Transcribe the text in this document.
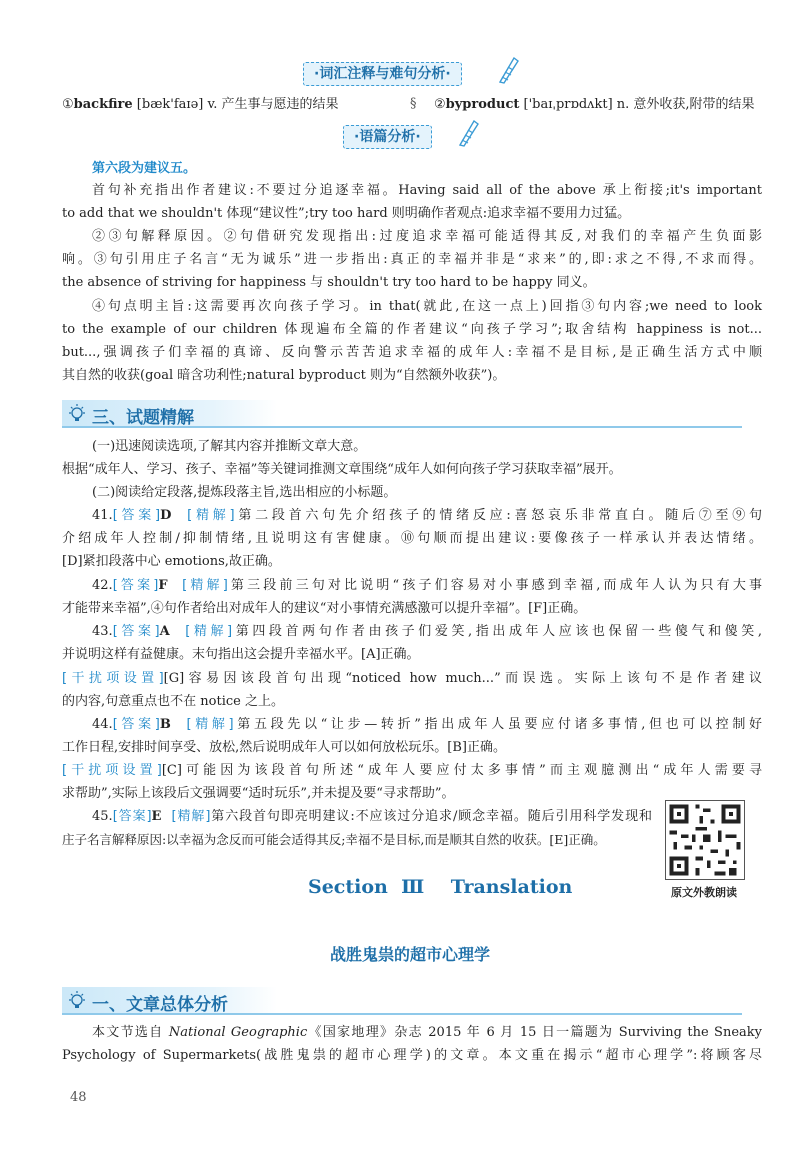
·词汇注释与难句分析·
①backfire [bæk'faɪə] v. 产生事与愿违的结果	§ ②byproduct ['baɪˌprɒdʌkt] n. 意外收获,附带的结果
·语篇分析·
第六段为建议五。
首句补充指出作者建议:不要过分追逐幸福。Having said all of the above 承上衔接;it's important
to add that we shouldn't 体现“建议性”;try too hard 则明确作者观点:追求幸福不要用力过猛。
②③句解释原因。②句借研究发现指出:过度追求幸福可能适得其反,对我们的幸福产生负面影
响。③句引用庄子名言“无为诚乐”进一步指出:真正的幸福并非是“求来”的,即:求之不得,不求而得。
the absence of striving for happiness 与 shouldn't try too hard to be happy 同义。
④句点明主旨:这需要再次向孩子学习。in that(就此,在这一点上)回指③句内容;we need to look
to the example of our children 体现遍布全篇的作者建议“向孩子学习”;取舍结构 happiness is not...
but...,强调孩子们幸福的真谛、反向警示苦苦追求幸福的成年人:幸福不是目标,是正确生活方式中顺
其自然的收获(goal 暗含功利性;natural byproduct 则为“自然额外收获”)。
三、试题精解
(一)迅速阅读选项,了解其内容并推断文章大意。
根据“成年人、学习、孩子、幸福”等关键词推测文章围绕“成年人如何向孩子学习获取幸福”展开。
(二)阅读给定段落,提炼段落主旨,选出相应的小标题。
41.[答案]D [精解]第二段首六句先介绍孩子的情绪反应:喜怒哀乐非常直白。随后⑦至⑨句
介绍成年人控制/抑制情绪,且说明这有害健康。⑩句顺而提出建议:要像孩子一样承认并表达情绪。
[D]紧扣段落中心 emotions,故正确。
42.[答案]F [精解]第三段前三句对比说明“孩子们容易对小事感到幸福,而成年人认为只有大事
才能带来幸福”,④句作者给出对成年人的建议“对小事情充满感激可以提升幸福”。[F]正确。
43.[答案]A [精解]第四段首两句作者由孩子们爱笑,指出成年人应该也保留一些傻气和傻笑,
并说明这样有益健康。末句指出这会提升幸福水平。[A]正确。
[干扰项设置][G]容易因该段首句出现“noticed how much...”而误选。实际上该句不是作者建议
的内容,句意重点也不在 notice 之上。
44.[答案]B [精解]第五段先以“让步—转折”指出成年人虽要应付诸多事情,但也可以控制好
工作日程,安排时间享受、放松,然后说明成年人可以如何放松玩乐。[B]正确。
[干扰项设置][C]可能因为该段首句所述“成年人要应付太多事情”而主观臆测出“成年人需要寻
求帮助”,实际上该段后文强调要“适时玩乐”,并未提及要“寻求帮助”。
45.[答案]E [精解]第六段首句即亮明建议:不应该过分追求/顾念幸福。随后引用科学发现和
庄子名言解释原因:以幸福为念反而可能会适得其反;幸福不是目标,而是顺其自然的收获。[E]正确。
Section Ⅲ Translation
战胜鬼祟的超市心理学
原文外教朗读
一、文章总体分析
本文节选自 National Geographic《国家地理》杂志 2015 年 6 月 15 日一篇题为 Surviving the Sneaky
Psychology of Supermarkets(战胜鬼祟的超市心理学)的文章。本文重在揭示“超市心理学”:将顾客尽
48
